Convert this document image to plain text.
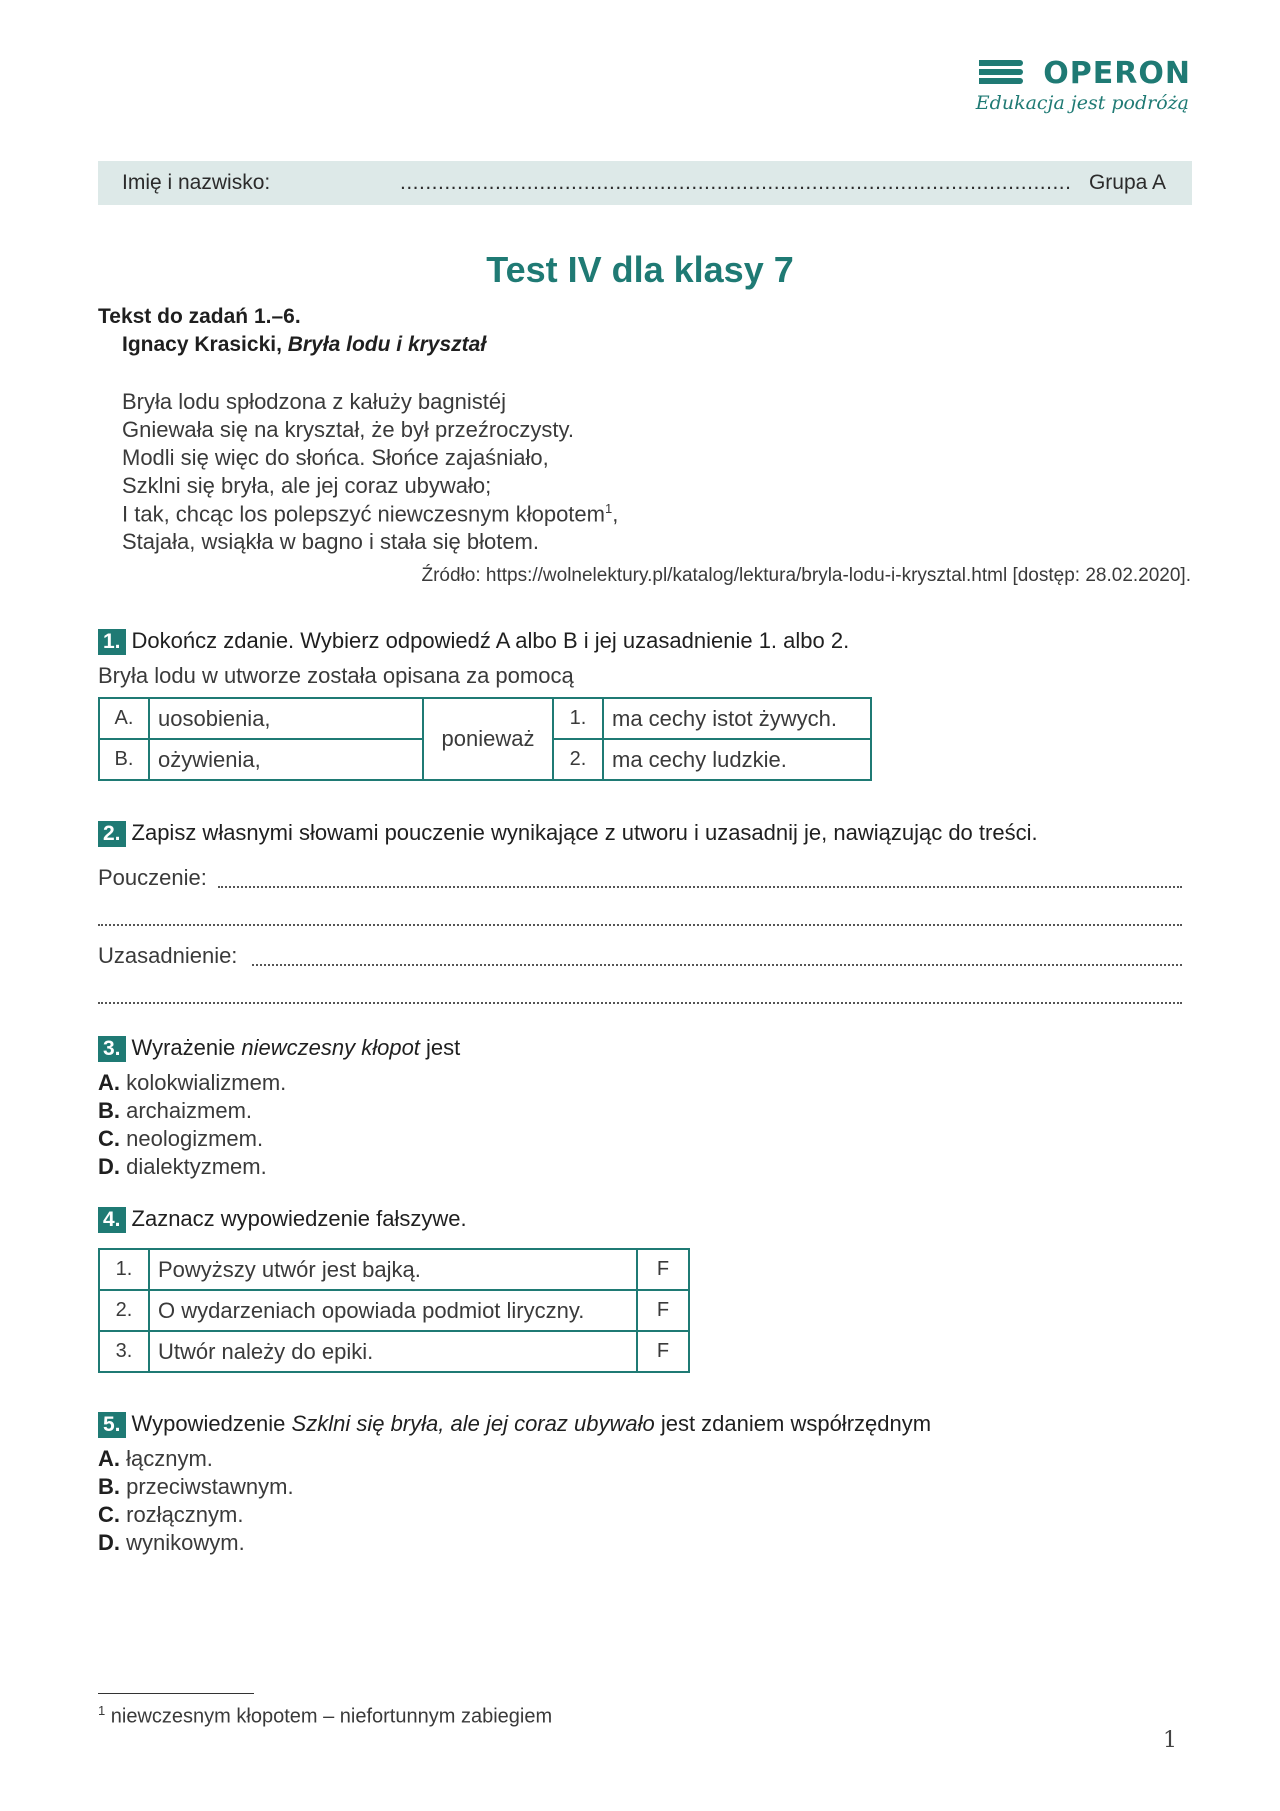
OPERON
Edukacja jest podróżą
Imię i nazwisko:	.......................................................................................................... Grupa A
Test IV dla klasy 7
Tekst do zadań 1.–6.
Ignacy Krasicki, Bryła lodu i kryształ
Bryła lodu spłodzona z kałuży bagnistéj
Gniewała się na kryształ, że był przeźroczysty.
Modli się więc do słońca. Słońce zajaśniało,
Szklni się bryła, ale jej coraz ubywało;
I tak, chcąc los polepszyć niewczesnym kłopotem$^1$,
Stajała, wsiąkła w bagno i stała się błotem.
Źródło: https://wolnelektury.pl/katalog/lektura/bryla-lodu-i-krysztal.html [dostęp: 28.02.2020].
1. Dokończ zdanie. Wybierz odpowiedź A albo B i jej uzasadnienie 1. albo 2.
Bryła lodu w utworze została opisana za pomocą
A.	uosobienia,	ponieważ	1.	ma cechy istot żywych.
B.	ożywienia,		2.	ma cechy ludzkie.
2. Zapisz własnymi słowami pouczenie wynikające z utworu i uzasadnij je, nawiązując do treści.
Pouczenie:
Uzasadnienie:
3. Wyrażenie niewczesny kłopot jest
A. kolokwializmem.
B. archaizmem.
C. neologizmem.
D. dialektyzmem.
4. Zaznacz wypowiedzenie fałszywe.
1.	Powyższy utwór jest bajką.	F
2.	O wydarzeniach opowiada podmiot liryczny.	F
3.	Utwór należy do epiki.	F
5. Wypowiedzenie Szklni się bryła, ale jej coraz ubywało jest zdaniem współrzędnym
A. łącznym.
B. przeciwstawnym.
C. rozłącznym.
D. wynikowym.
$^1$ niewczesnym kłopotem – niefortunnym zabiegiem
1
